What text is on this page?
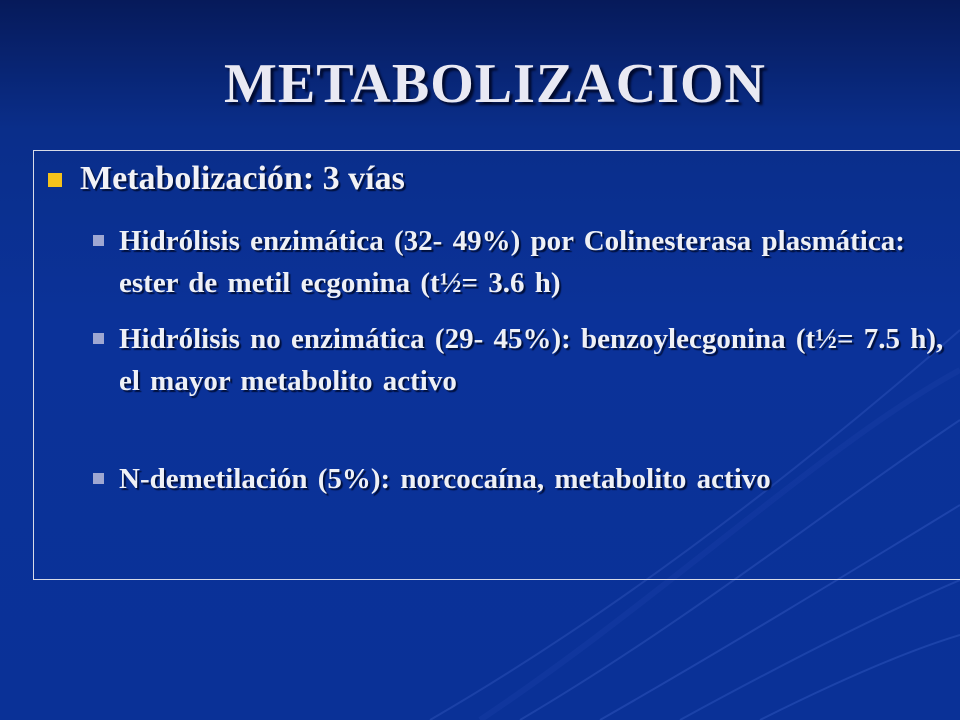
METABOLIZACION
Metabolización: 3 vías
Hidrólisis enzimática (32- 49%) por Colinesterasa plasmática: ester de metil ecgonina (t½= 3.6 h)
Hidrólisis no enzimática (29- 45%): benzoylecgonina (t½= 7.5 h), el mayor metabolito activo
N-demetilación (5%): norcocaína, metabolito activo
